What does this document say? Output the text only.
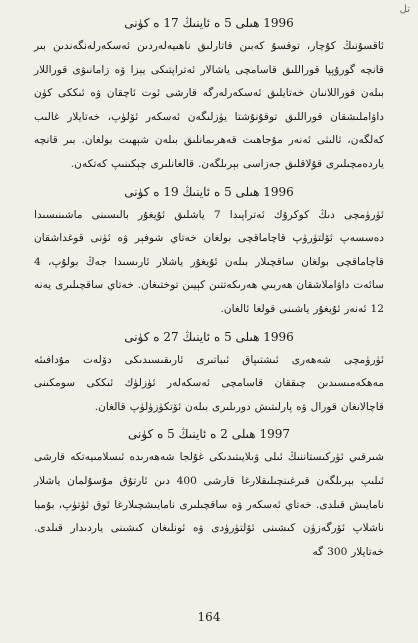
تل
1996 ھىلى 5 ە ئاينىڭ 17 ە كۈنى

ئاقسۇنىڭ كۇچار، توقسۇ كەبىن قاتارلىق ناھىيەلەردىن ئەسكەرلەنگەندىن بىر قانچە گورۇپپا قوراللىق قاسامچى ياشالار ئەتراپتىكى يېزا ۋە زامانىۋى قوراللار بىلەن قوراللانںان خەتايلىق ئەسكەرلەرگە قارشى ئوت ئاچقان ۋە ئىككى كۈن داۋاملىشقان قوراللىق توقۇنۇشتا يۈزلىگەن ئەسكەر ئۆلۈپ، خەتايلار غالىب كەلگەن، ثالىثى ئەنەر مۇجاھىت قەھرىمانلىق بىلەن شېھىت بولغان. بىر قانچە ياردەمچىلىرى قۇلاقلىق جەزاسى بېرىلگەن. قالغانلىرى چېكىنىپ كەتكەن.

1996 ھىلى 5 ە ئاينىڭ 19 ە كۈنى

ئۈرۈمچى دىڭ كوكرۇك ئەتراپىدا 7 ياشلىق ئۇيغۇر بالىسىنى ماشىنىسىدا دەسسەپ ئۆلتۈرۈپ قاچاماقچى بولغان خەتاي شوفېر ۋە ئۈنى قوغداشقان قاچاماقچى بولغان ساقچىلار بىلەن ئۇيغۇر ياشلار ئارىسىدا جەڭ بولۇپ، 4 سائەت داۋاملاشقان ھەربىي ھەرىكەتتىن كېيىن توختىغان. خەتاي ساقچىلىرى يەنە 12 ئەنەر ئۇيغۇر ياشىنى قولغا ئالغان.

1996 ھىلى 5 ە ئاينىڭ 27 ە كۈنى

ئۈرۈمچى شەھەرى ئىشتىپاق ئىباتىرى ئارىقىسىدىكى دۆلەت مۇدافىئە مەھكەمىسىدىن چىققان قاسامچى ئەسكەلەر ئۈزلۈك ئىككى سومكىنى قاچالانغان قورال ۋە پارلىتىش دورىلىرى بىلەن ئۆتكۈزۈلۈپ قالغان.

1997 ھىلى 2 ە ئاينىڭ 5 ە كۈنى

شىرقىي ئۈركىستاننىڭ ئىلى ۋىلايىتىدىكى غۇلجا شەھەرىدە ئىسلامىيەتكە قارشى ئىلىپ بېرىلگەن قىرغىنچىلىقلارغا قارشى 400 دىن ئارتۇق مۇسۇلمان ياشلار نامايىش قىلدى. خەتاي ئەسكەر ۋە ساقچىلىرى نامايىشچىلارغا ئوق ئۈتۈپ، بۇمبا ناشلاپ ئۆرگەزۈن كىشىنى ئۆلتۈرۈدى ۋە ئونلىغان كىشىنى ياردىدار قىلدى. خەتايلار 300 گە

164
